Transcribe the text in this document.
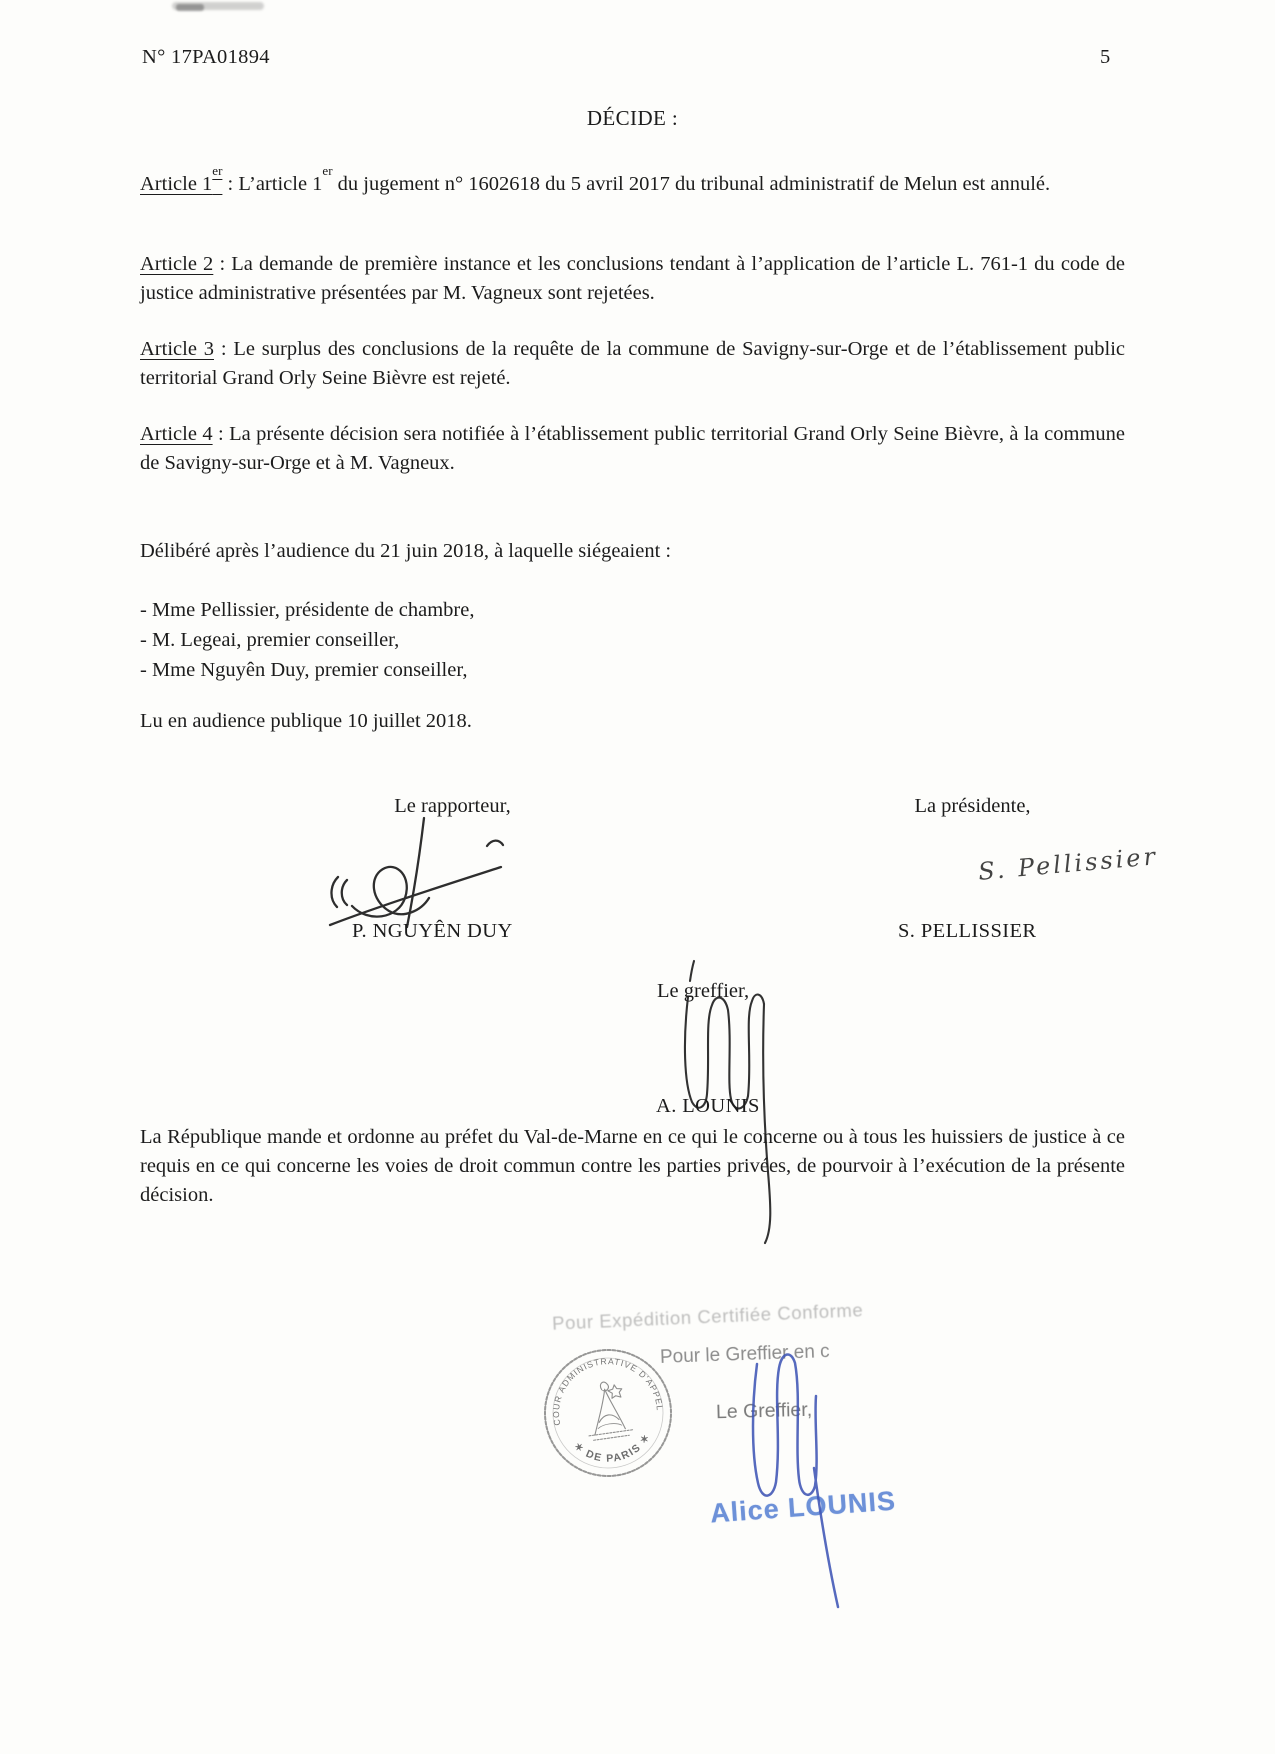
N° 17PA01894	5
DÉCIDE :

Article 1er : L’article 1er du jugement n° 1602618 du 5 avril 2017 du tribunal administratif de Melun est annulé.

Article 2 : La demande de première instance et les conclusions tendant à l’application de l’article L. 761-1 du code de justice administrative présentées par M. Vagneux sont rejetées.

Article 3 : Le surplus des conclusions de la requête de la commune de Savigny-sur-Orge et de l’établissement public territorial Grand Orly Seine Bièvre est rejeté.

Article 4 : La présente décision sera notifiée à l’établissement public territorial Grand Orly Seine Bièvre, à la commune de Savigny-sur-Orge et à M. Vagneux.

Délibéré après l’audience du 21 juin 2018, à laquelle siégeaient :

- Mme Pellissier, présidente de chambre,
- M. Legeai, premier conseiller,
- Mme Nguyên Duy, premier conseiller,

Lu en audience publique 10 juillet 2018.

Le rapporteur,	La présidente,
S. Pellissier
P. NGUYÊN DUY	S. PELLISSIER
Le greffier,
A. LOUNIS

La République mande et ordonne au préfet du Val-de-Marne en ce qui le concerne ou à tous les huissiers de justice à ce requis en ce qui concerne les voies de droit commun contre les parties privées, de pourvoir à l’exécution de la présente décision.

Pour Expédition Certifiée Conforme
Pour le Greffier en c
Le Greffier,
Alice LOUNIS
COUR ADMINISTRATIVE D'APPEL
✶ DE PARIS ✶
